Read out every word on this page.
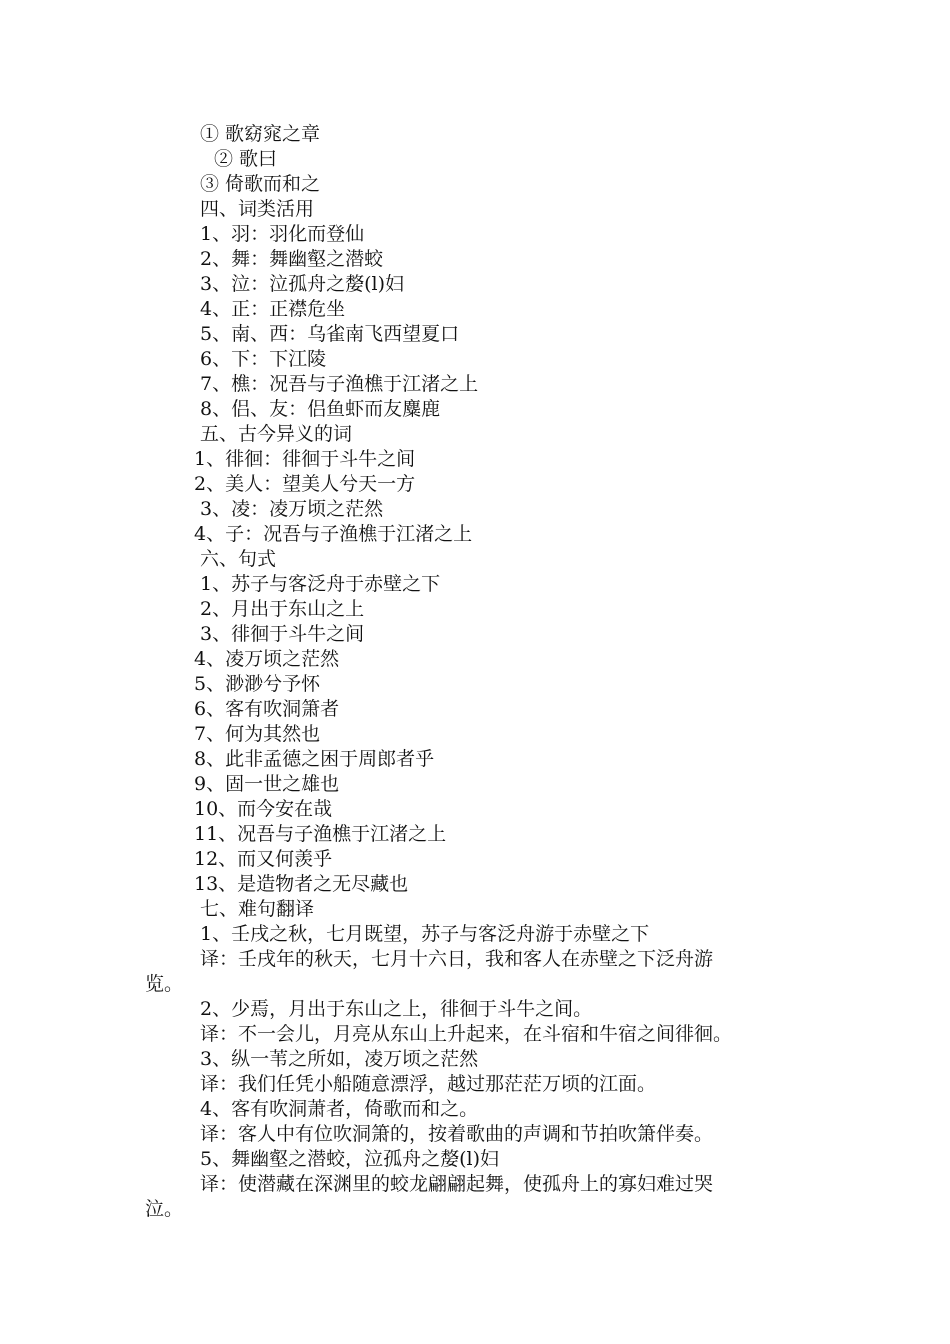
① 歌窈窕之章
② 歌曰
③ 倚歌而和之
四、词类活用
1、羽：羽化而登仙
2、舞：舞幽壑之潜蛟
3、泣：泣孤舟之嫠(l)妇
4、正：正襟危坐
5、南、西：乌雀南飞西望夏口
6、下：下江陵
7、樵：况吾与子渔樵于江渚之上
8、侣、友：侣鱼虾而友麋鹿
五、古今异义的词
1、徘徊：徘徊于斗牛之间
2、美人：望美人兮天一方
3、凌：凌万顷之茫然
4、子：况吾与子渔樵于江渚之上
六、句式
1、苏子与客泛舟于赤壁之下
2、月出于东山之上
3、徘徊于斗牛之间
4、凌万顷之茫然
5、渺渺兮予怀
6、客有吹洞箫者
7、何为其然也
8、此非孟德之困于周郎者乎
9、固一世之雄也
10、而今安在哉
11、况吾与子渔樵于江渚之上
12、而又何羡乎
13、是造物者之无尽藏也
七、难句翻译
1、壬戌之秋，七月既望，苏子与客泛舟游于赤壁之下
译：壬戌年的秋天，七月十六日，我和客人在赤壁之下泛舟游
览。
2、少焉，月出于东山之上，徘徊于斗牛之间。
译：不一会儿，月亮从东山上升起来，在斗宿和牛宿之间徘徊。
3、纵一苇之所如，凌万顷之茫然
译：我们任凭小船随意漂浮，越过那茫茫万顷的江面。
4、客有吹洞萧者，倚歌而和之。
译：客人中有位吹洞箫的，按着歌曲的声调和节拍吹箫伴奏。
5、舞幽壑之潜蛟，泣孤舟之嫠(l)妇
译：使潜藏在深渊里的蛟龙翩翩起舞，使孤舟上的寡妇难过哭
泣。
